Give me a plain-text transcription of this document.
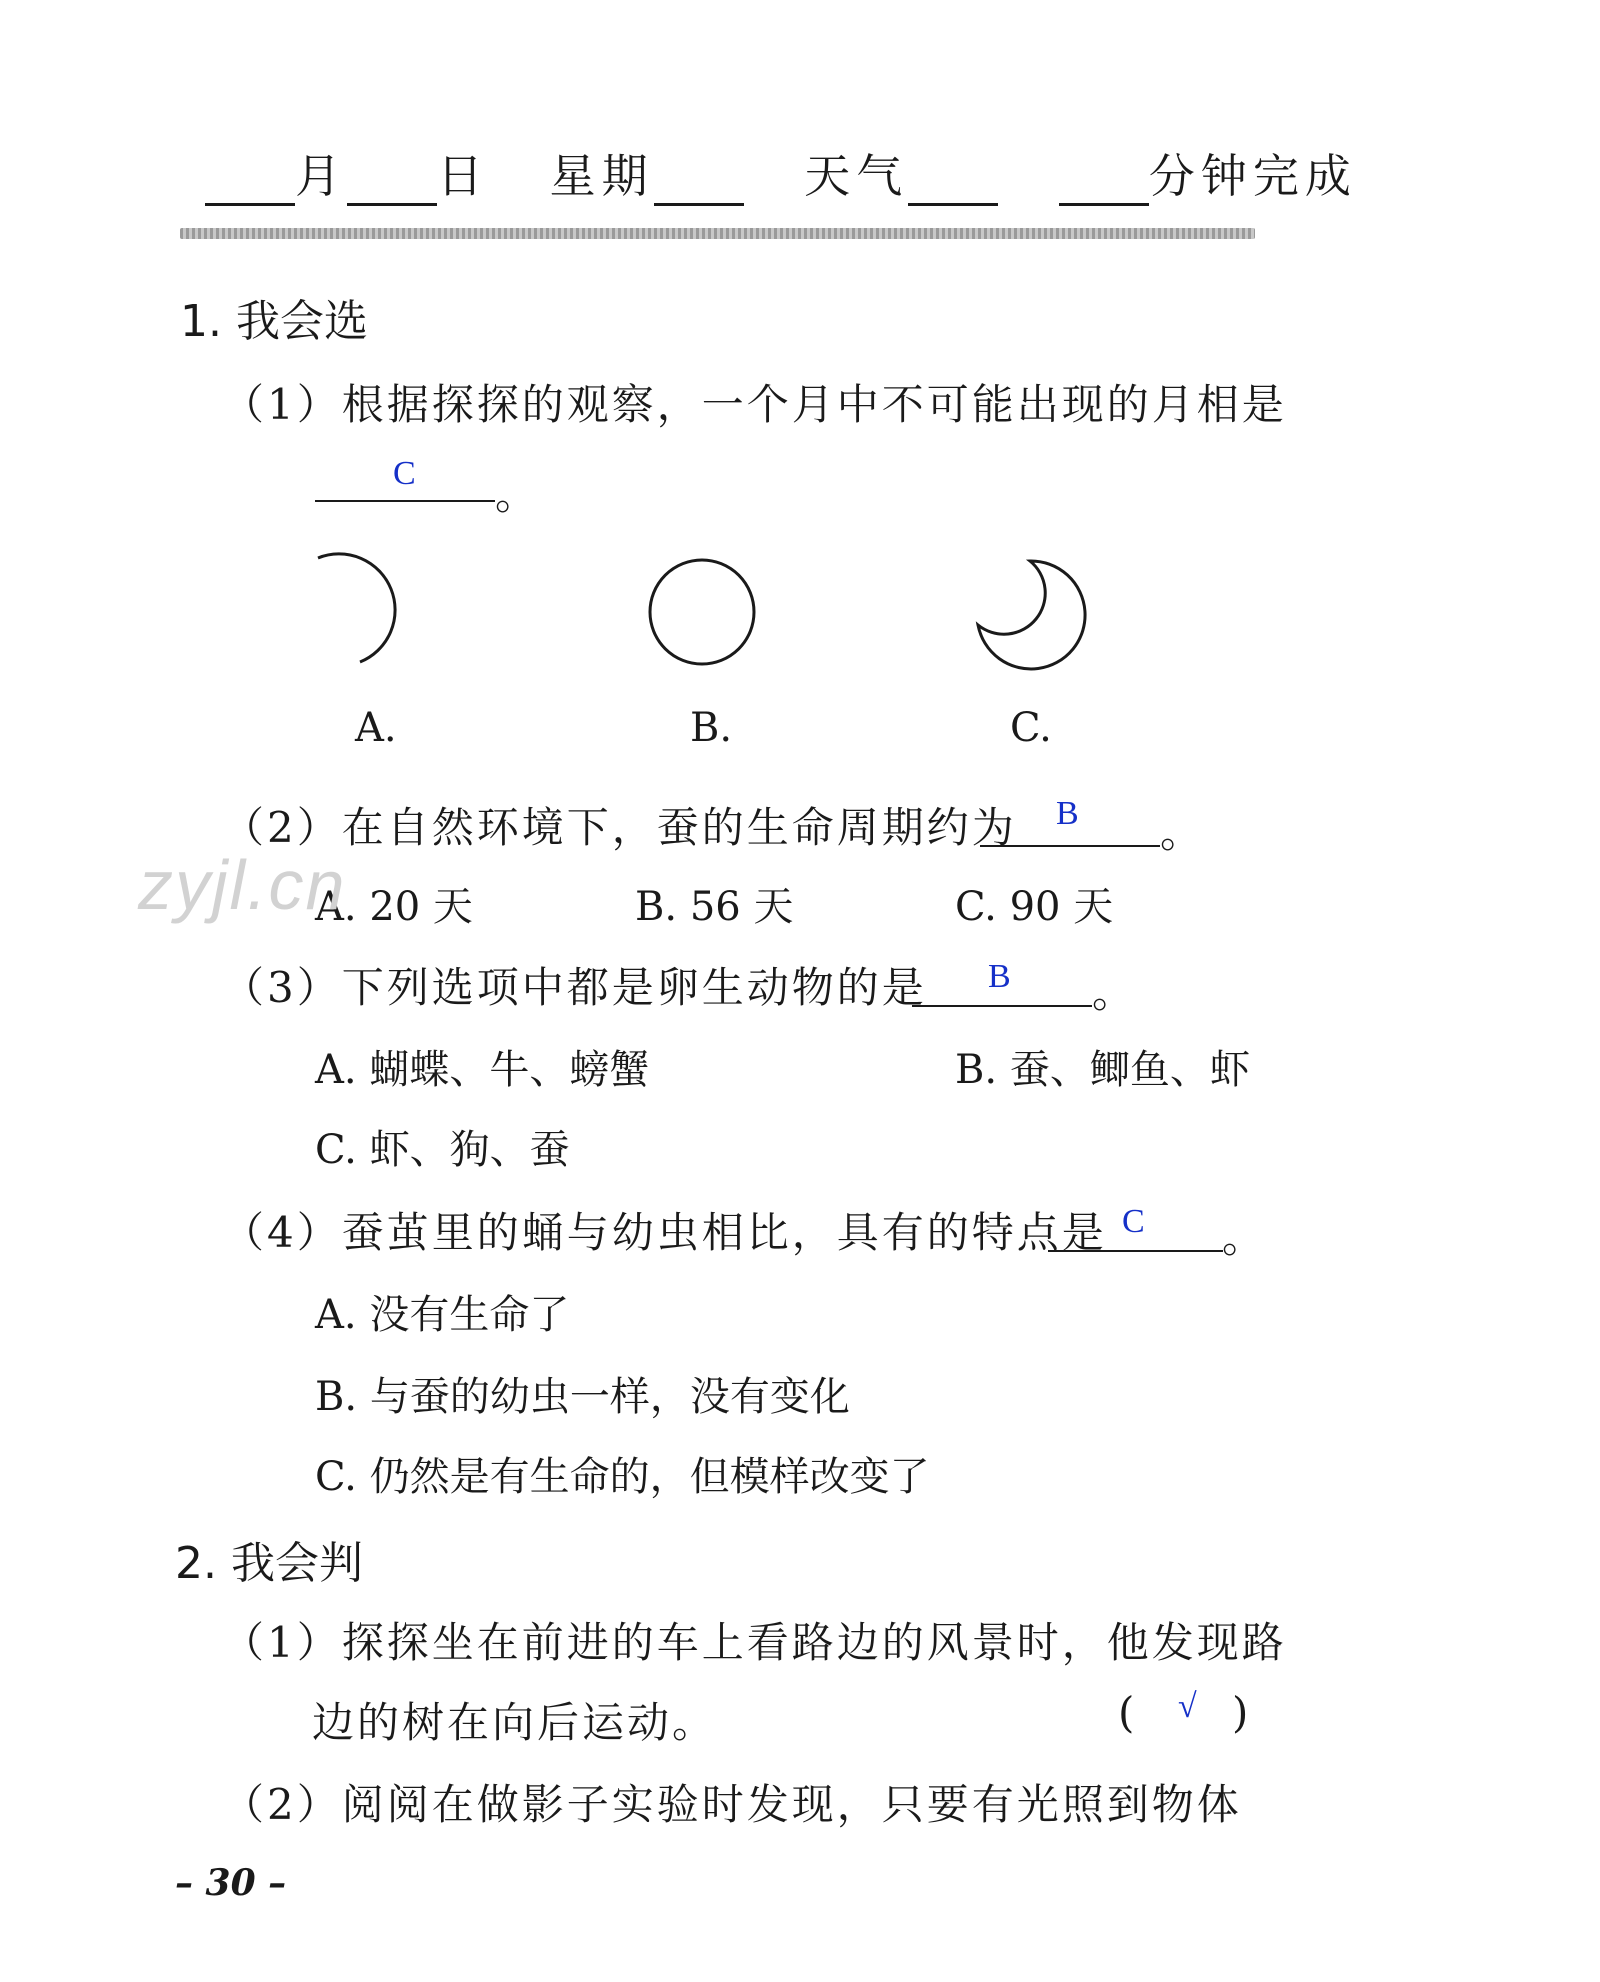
月 日 星期	天气	分钟完成
1. 我会选
（1）根据探探的观察，一个月中不可能出现的月相是
C 。
A.	B.	C.
（2）在自然环境下，蚕的生命周期约为 B 。
A. 20 天	B. 56 天	C. 90 天
zyjl.cn
（3）下列选项中都是卵生动物的是 B 。
A. 蝴蝶、牛、螃蟹	B. 蚕、鲫鱼、虾
C. 虾、狗、蚕
（4）蚕茧里的蛹与幼虫相比，具有的特点是 C 。
A. 没有生命了
B. 与蚕的幼虫一样，没有变化
C. 仍然是有生命的，但模样改变了
2. 我会判
（1）探探坐在前进的车上看路边的风景时，他发现路
边的树在向后运动。	( √ )
（2）阅阅在做影子实验时发现，只要有光照到物体
– 30 –
